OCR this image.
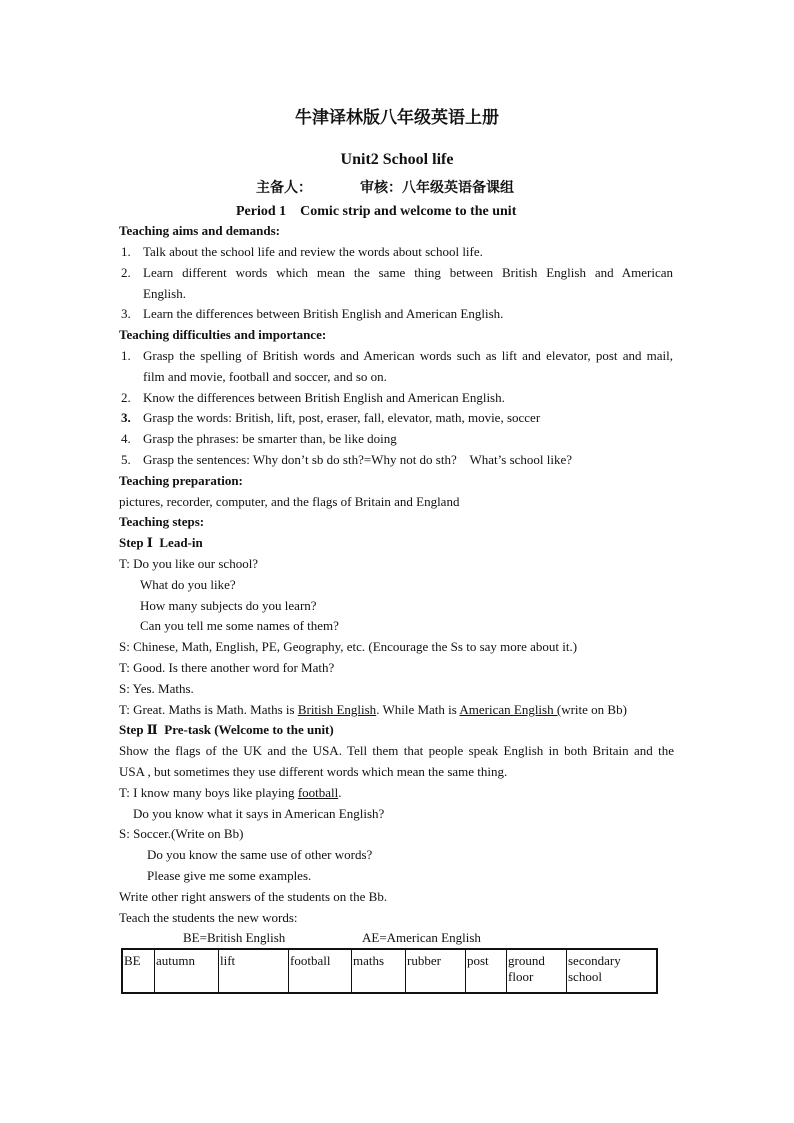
牛津译林版八年级英语上册
Unit2 School life
主备人：	审核：八年级英语备课组
Period 1    Comic strip and welcome to the unit
Teaching aims and demands:
1. Talk about the school life and review the words about school life.
2. Learn different words which mean the same thing between British English and American
English.
3. Learn the differences between British English and American English.
Teaching difficulties and importance:
1. Grasp the spelling of British words and American words such as lift and elevator, post and mail,
film and movie, football and soccer, and so on.
2. Know the differences between British English and American English.
3. Grasp the words: British, lift, post, eraser, fall, elevator, math, movie, soccer
4. Grasp the phrases: be smarter than, be like doing
5. Grasp the sentences: Why don’t sb do sth?=Why not do sth?    What’s school like?
Teaching preparation:
pictures, recorder, computer, and the flags of Britain and England
Teaching steps:
Step Ⅰ  Lead-in
T: Do you like our school?
What do you like?
How many subjects do you learn?
Can you tell me some names of them?
S: Chinese, Math, English, PE, Geography, etc. (Encourage the Ss to say more about it.)
T: Good. Is there another word for Math?
S: Yes. Maths.
T: Great. Maths is Math. Maths is British English. While Math is American English (write on Bb)
Step Ⅱ  Pre-task (Welcome to the unit)
Show the flags of the UK and the USA. Tell them that people speak English in both Britain and the
USA , but sometimes they use different words which mean the same thing.
T: I know many boys like playing football.
Do you know what it says in American English?
S: Soccer.(Write on Bb)
Do you know the same use of other words?
Please give me some examples.
Write other right answers of the students on the Bb.
Teach the students the new words:
BE=British English	AE=American English
BE	autumn	lift	football	maths	rubber	post	ground floor	secondary school
